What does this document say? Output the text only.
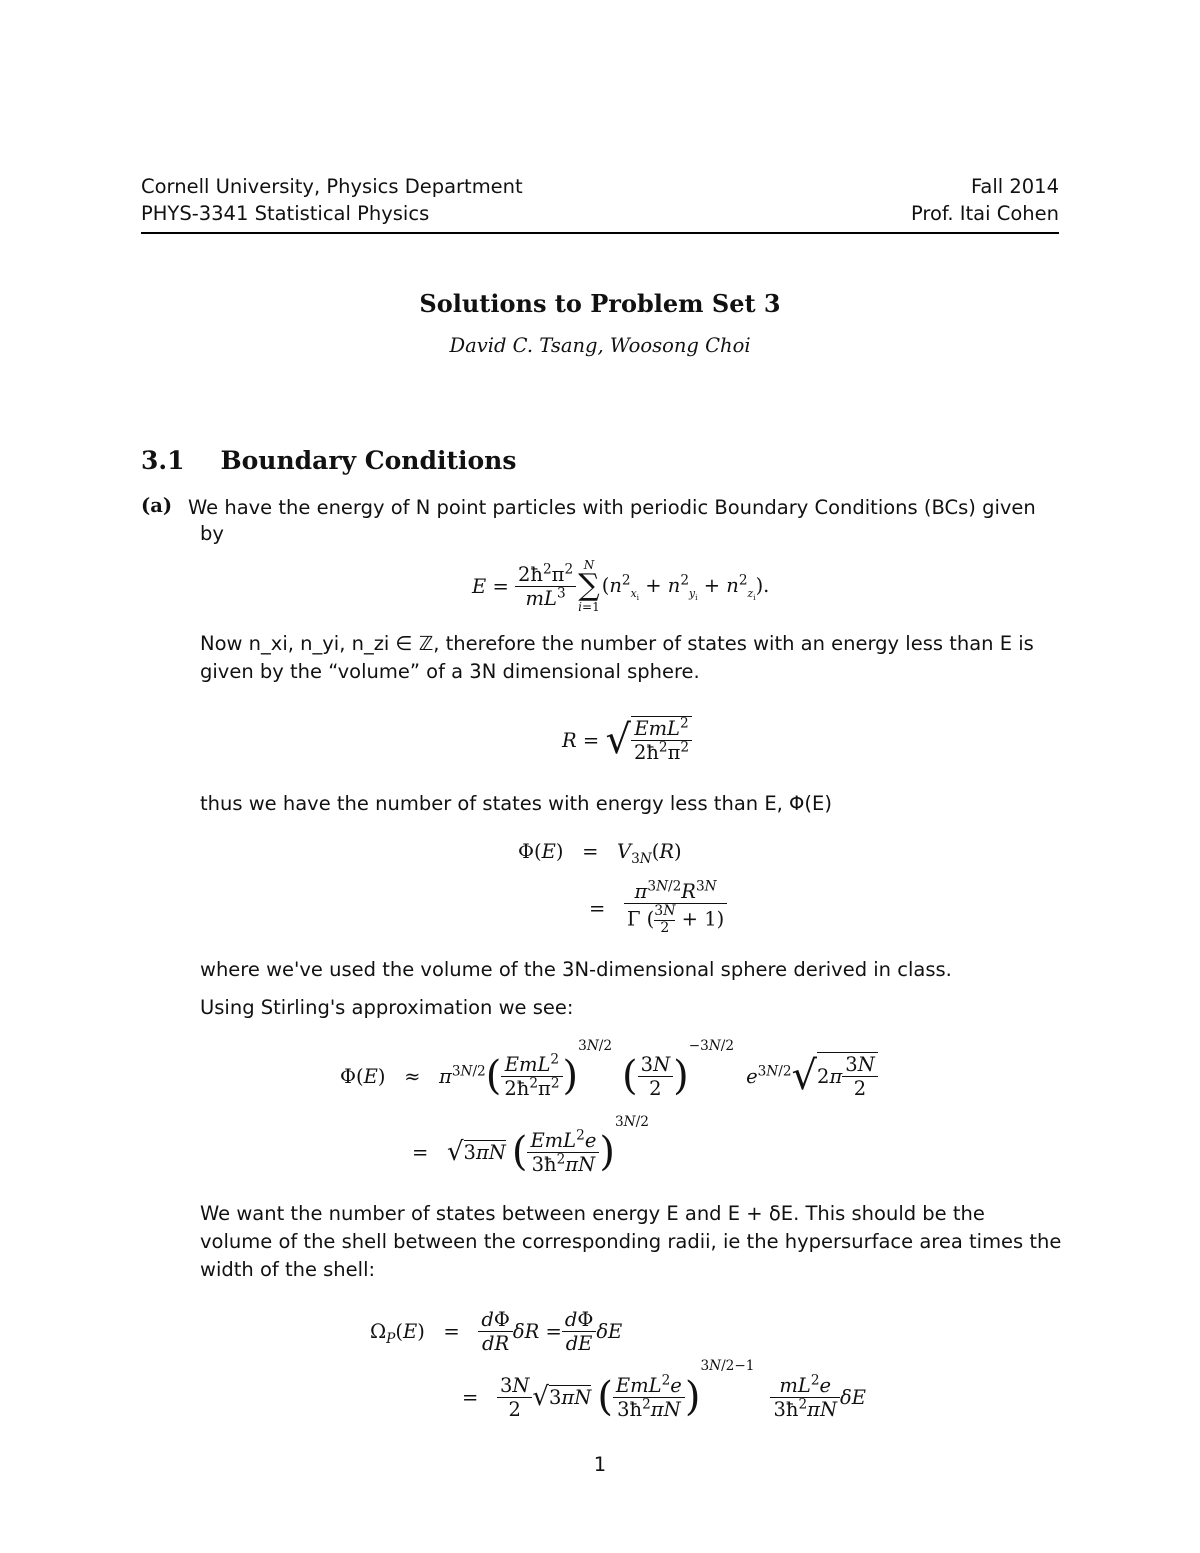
Cornell University, Physics Department
PHYS-3341 Statistical Physics
Fall 2014
Prof. Itai Cohen
Solutions to Problem Set 3
David C. Tsang, Woosong Choi
3.1 Boundary Conditions
(a) We have the energy of N point particles with periodic Boundary Conditions (BCs) given
by
$E = \frac{2ħ^2\pi^2}{mL^3}$ N
∑
i=1
$(n^2_{x_i} + n^2_{y_i} + n^2_{z_i})$.
Now n_xi, n_yi, n_zi ∈ ℤ, therefore the number of states with an energy less than E is
given by the “volume” of a 3N dimensional sphere.
R = √ $\frac{EmL^2}{2ħ^2\pi^2}$
thus we have the number of states with energy less than E, Φ(E)
$\Phi(E) = V_{3N}(R)$
= $\frac{\pi^{3N/2}R^{3N}}{\Gamma ( \frac{3N}{2} + 1)}$
where we've used the volume of the 3N-dimensional sphere derived in class.
Using Stirling's approximation we see:
$\Phi(E) \approx \pi^{3N/2}$ ( $\frac{EmL^2}{2ħ^2\pi^2}$ )
3N/2
( $\frac{3N}{2}$ )
−3N/2
$e^{3N/2}$ √ 2 π $\frac{3N}{2}$
= √ 3πN ( $\frac{EmL^2e}{3ħ^2\pi N}$ )
3N/2
We want the number of states between energy E and E + δE. This should be the
volume of the shell between the corresponding radii, ie the hypersurface area times the
width of the shell:
$\Omega_P(E) = \frac{d\Phi}{dR}$ $\delta R = \frac{d\Phi}{dE}$ δE
= $\frac{3N}{2}$ √ 3πN ( $\frac{EmL^2e}{3ħ^2\pi N}$ )
3N/2−1
$\frac{mL^2e}{3ħ^2\pi N}$ δE
1
